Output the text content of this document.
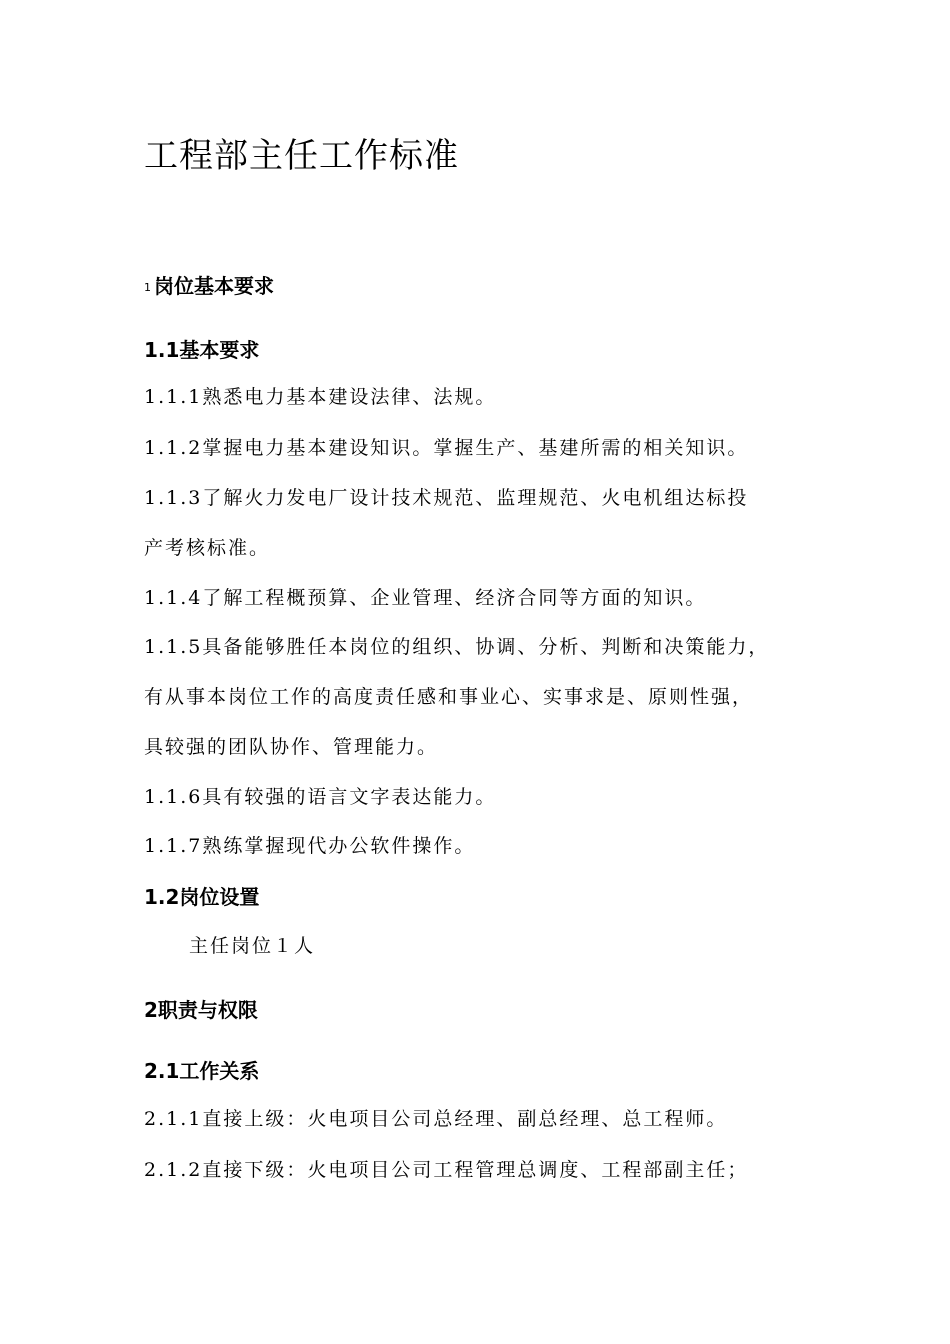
工程部主任工作标准
1 岗位基本要求
1.1基本要求
1.1.1熟悉电力基本建设法律、法规。
1.1.2掌握电力基本建设知识。掌握生产、基建所需的相关知识。
1.1.3了解火力发电厂设计技术规范、监理规范、火电机组达标投
产考核标准。
1.1.4了解工程概预算、企业管理、经济合同等方面的知识。
1.1.5具备能够胜任本岗位的组织、协调、分析、判断和决策能力，
有从事本岗位工作的高度责任感和事业心、实事求是、原则性强，
具较强的团队协作、管理能力。
1.1.6具有较强的语言文字表达能力。
1.1.7熟练掌握现代办公软件操作。
1.2岗位设置
主任岗位１人
2职责与权限
2.1工作关系
2.1.1直接上级：火电项目公司总经理、副总经理、总工程师。
2.1.2直接下级：火电项目公司工程管理总调度、工程部副主任；
